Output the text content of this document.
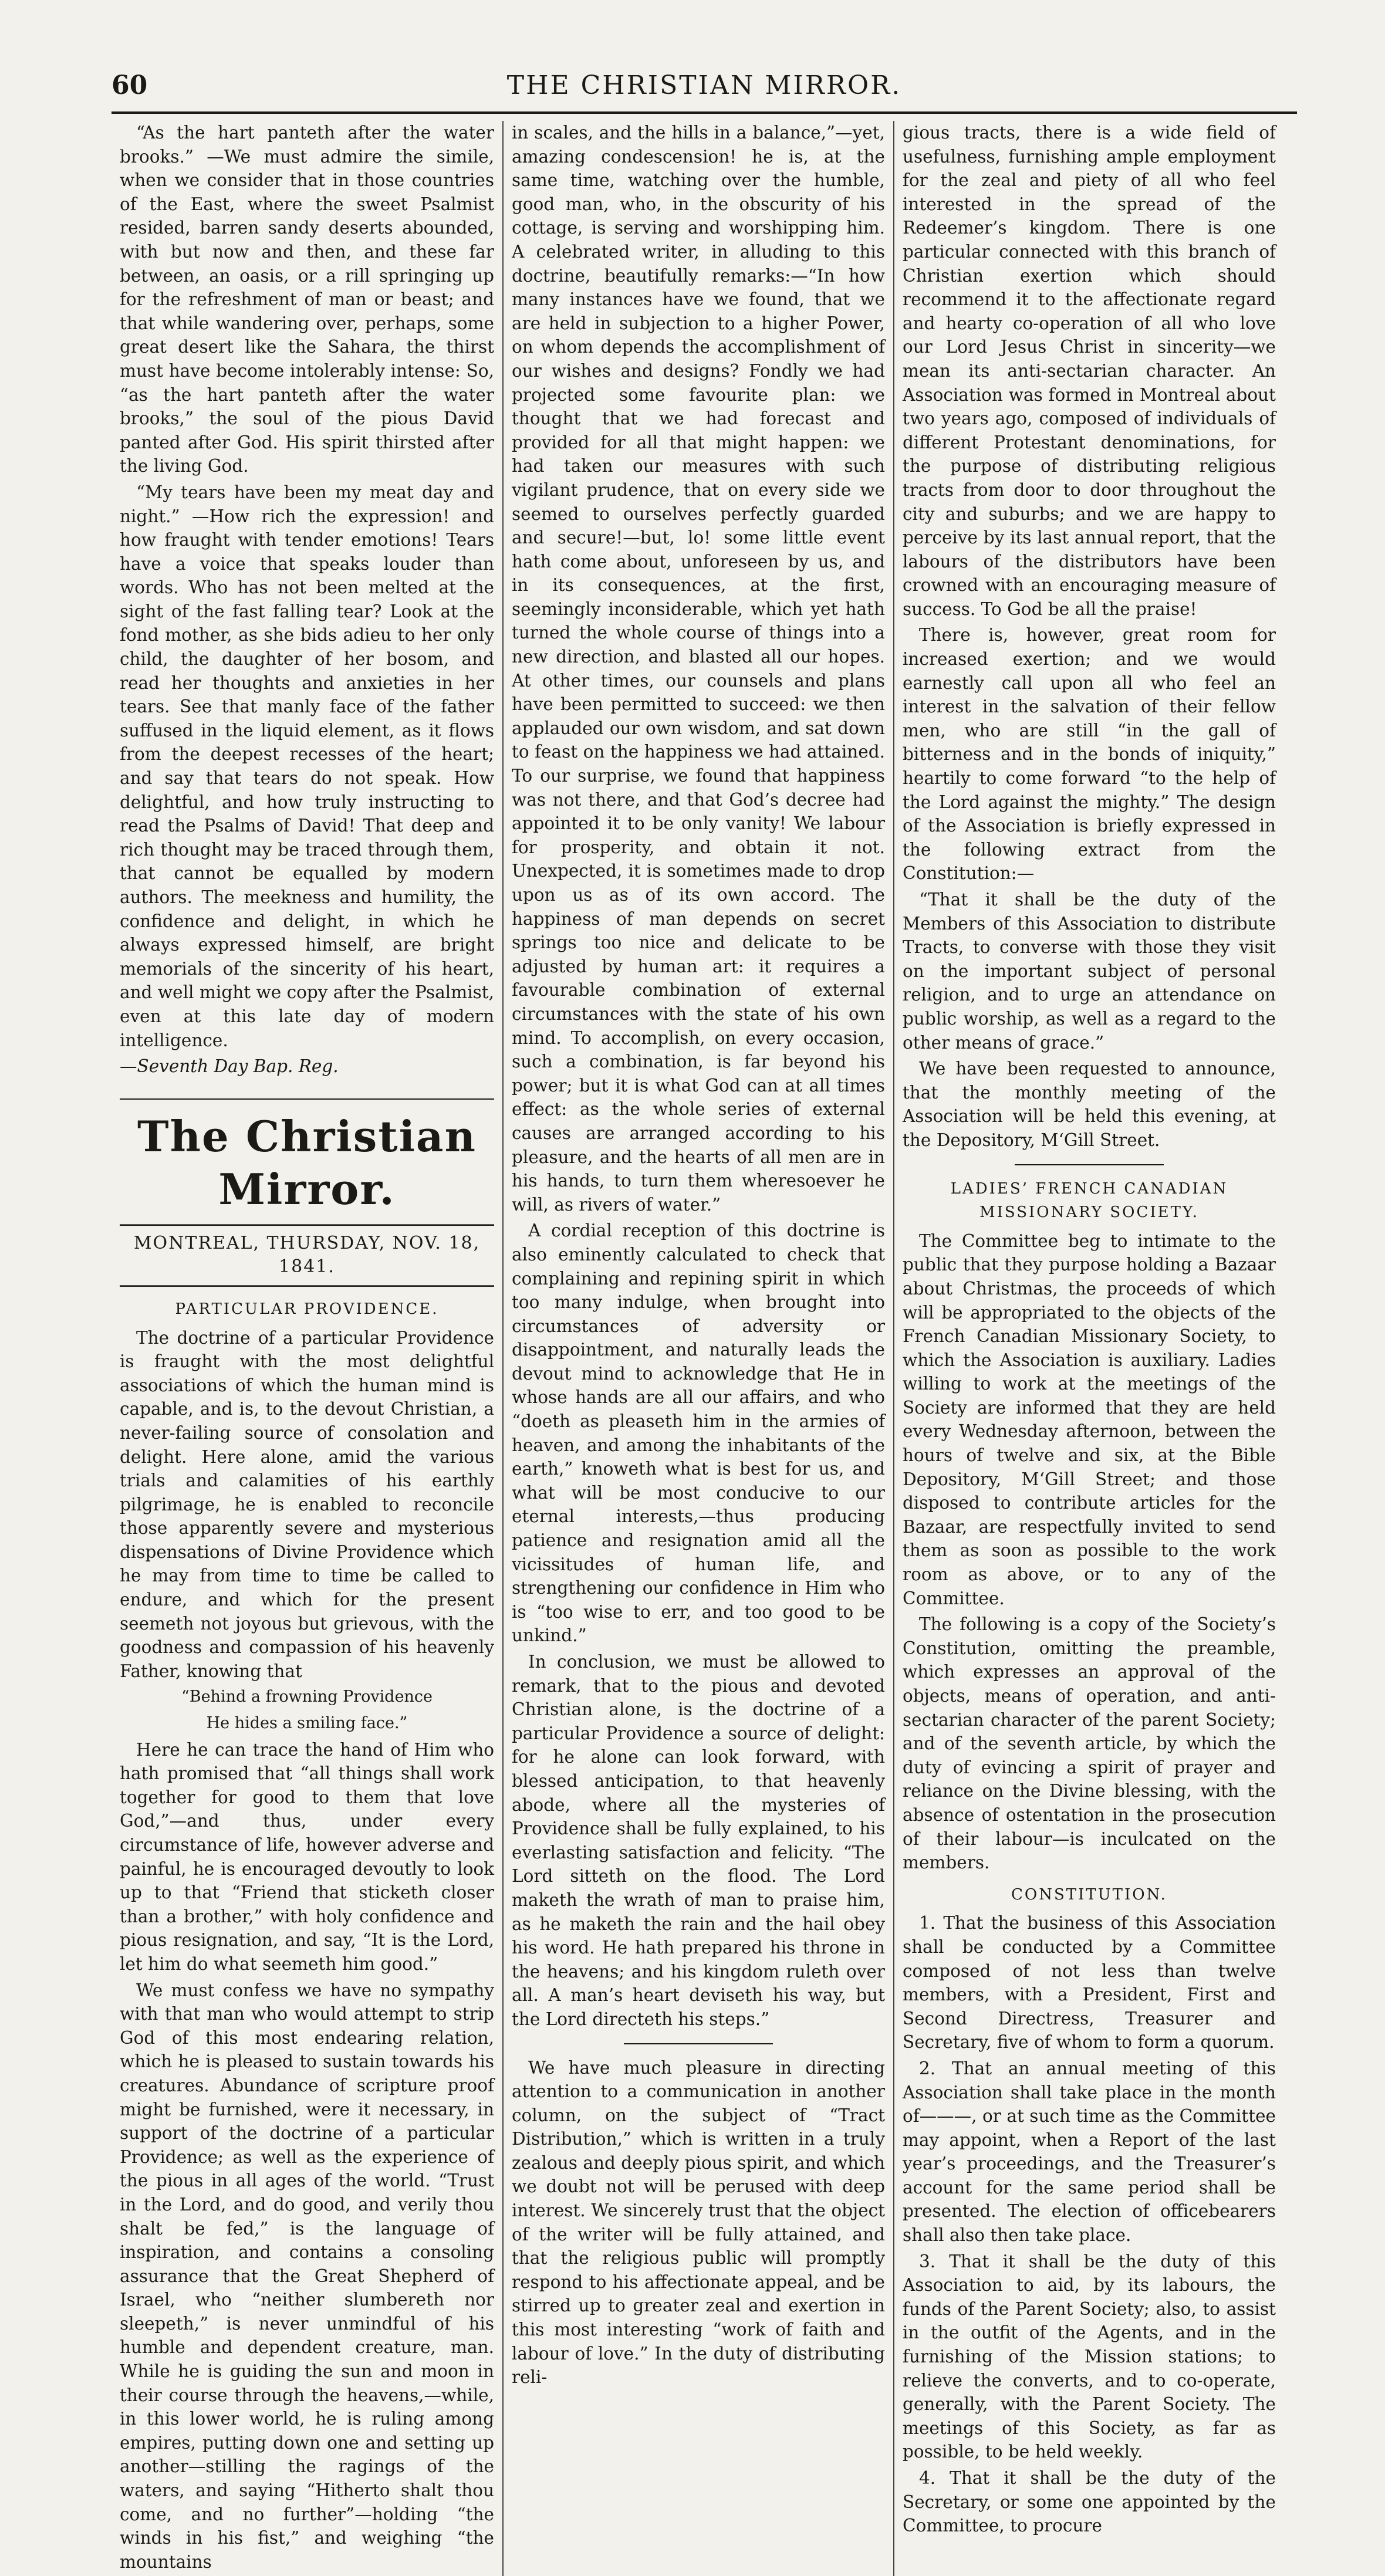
60	THE CHRISTIAN MIRROR.

“As the hart panteth after the water brooks.” —We must admire the simile, when we consider that in those countries of the East, where the sweet Psalmist resided, barren sandy deserts abounded, with but now and then, and these far between, an oasis, or a rill springing up for the refreshment of man or beast; and that while wandering over, perhaps, some great desert like the Sahara, the thirst must have become intolerably intense: So, “as the hart panteth after the water brooks,” the soul of the pious David panted after God. His spirit thirsted after the living God.

“My tears have been my meat day and night.” —How rich the expression! and how fraught with tender emotions! Tears have a voice that speaks louder than words. Who has not been melted at the sight of the fast falling tear? Look at the fond mother, as she bids adieu to her only child, the daughter of her bosom, and read her thoughts and anxieties in her tears. See that manly face of the father suffused in the liquid element, as it flows from the deepest recesses of the heart; and say that tears do not speak. How delightful, and how truly instructing to read the Psalms of David! That deep and rich thought may be traced through them, that cannot be equalled by modern authors. The meekness and humility, the confidence and delight, in which he always expressed himself, are bright memorials of the sincerity of his heart, and well might we copy after the Psalmist, even at this late day of modern intelligence.

—Seventh Day Bap. Reg.

The Christian Mirror.
MONTREAL, THURSDAY, NOV. 18, 1841.
PARTICULAR PROVIDENCE.

The doctrine of a particular Providence is fraught with the most delightful associations of which the human mind is capable, and is, to the devout Christian, a never-failing source of consolation and delight. Here alone, amid the various trials and calamities of his earthly pilgrimage, he is enabled to reconcile those apparently severe and mysterious dispensations of Divine Providence which he may from time to time be called to endure, and which for the present seemeth not joyous but grievous, with the goodness and compassion of his heavenly Father, knowing that

“Behind a frowning Providence

He hides a smiling face.”

Here he can trace the hand of Him who hath promised that “all things shall work together for good to them that love God,”—and thus, under every circumstance of life, however adverse and painful, he is encouraged devoutly to look up to that “Friend that sticketh closer than a brother,” with holy confidence and pious resignation, and say, “It is the Lord, let him do what seemeth him good.”

We must confess we have no sympathy with that man who would attempt to strip God of this most endearing relation, which he is pleased to sustain towards his creatures. Abundance of scripture proof might be furnished, were it necessary, in support of the doctrine of a particular Providence; as well as the experience of the pious in all ages of the world. “Trust in the Lord, and do good, and verily thou shalt be fed,” is the language of inspiration, and contains a consoling assurance that the Great Shepherd of Israel, who “neither slumbereth nor sleepeth,” is never unmindful of his humble and dependent creature, man. While he is guiding the sun and moon in their course through the heavens,—while, in this lower world, he is ruling among empires, putting down one and setting up another—stilling the ragings of the waters, and saying “Hitherto shalt thou come, and no further”—holding “the winds in his fist,” and weighing “the mountains

in scales, and the hills in a balance,”—yet, amazing condescension! he is, at the same time, watching over the humble, good man, who, in the obscurity of his cottage, is serving and worshipping him. A celebrated writer, in alluding to this doctrine, beautifully remarks:—“In how many instances have we found, that we are held in subjection to a higher Power, on whom depends the accomplishment of our wishes and designs? Fondly we had projected some favourite plan: we thought that we had forecast and provided for all that might happen: we had taken our measures with such vigilant prudence, that on every side we seemed to ourselves perfectly guarded and secure!—but, lo! some little event hath come about, unforeseen by us, and in its consequences, at the first, seemingly inconsiderable, which yet hath turned the whole course of things into a new direction, and blasted all our hopes. At other times, our counsels and plans have been permitted to succeed: we then applauded our own wisdom, and sat down to feast on the happiness we had attained. To our surprise, we found that happiness was not there, and that God’s decree had appointed it to be only vanity! We labour for prosperity, and obtain it not. Unexpected, it is sometimes made to drop upon us as of its own accord. The happiness of man depends on secret springs too nice and delicate to be adjusted by human art: it requires a favourable combination of external circumstances with the state of his own mind. To accomplish, on every occasion, such a combination, is far beyond his power; but it is what God can at all times effect: as the whole series of external causes are arranged according to his pleasure, and the hearts of all men are in his hands, to turn them wheresoever he will, as rivers of water.”

A cordial reception of this doctrine is also eminently calculated to check that complaining and repining spirit in which too many indulge, when brought into circumstances of adversity or disappointment, and naturally leads the devout mind to acknowledge that He in whose hands are all our affairs, and who “doeth as pleaseth him in the armies of heaven, and among the inhabitants of the earth,” knoweth what is best for us, and what will be most conducive to our eternal interests,—thus producing patience and resignation amid all the vicissitudes of human life, and strengthening our confidence in Him who is “too wise to err, and too good to be unkind.”

In conclusion, we must be allowed to remark, that to the pious and devoted Christian alone, is the doctrine of a particular Providence a source of delight: for he alone can look forward, with blessed anticipation, to that heavenly abode, where all the mysteries of Providence shall be fully explained, to his everlasting satisfaction and felicity. “The Lord sitteth on the flood. The Lord maketh the wrath of man to praise him, as he maketh the rain and the hail obey his word. He hath prepared his throne in the heavens; and his kingdom ruleth over all. A man’s heart deviseth his way, but the Lord directeth his steps.”

We have much pleasure in directing attention to a communication in another column, on the subject of “Tract Distribution,” which is written in a truly zealous and deeply pious spirit, and which we doubt not will be perused with deep interest. We sincerely trust that the object of the writer will be fully attained, and that the religious public will promptly respond to his affectionate appeal, and be stirred up to greater zeal and exertion in this most interesting “work of faith and labour of love.” In the duty of distributing reli-

gious tracts, there is a wide field of usefulness, furnishing ample employment for the zeal and piety of all who feel interested in the spread of the Redeemer’s kingdom. There is one particular connected with this branch of Christian exertion which should recommend it to the affectionate regard and hearty co-operation of all who love our Lord Jesus Christ in sincerity—we mean its anti-sectarian character. An Association was formed in Montreal about two years ago, composed of individuals of different Protestant denominations, for the purpose of distributing religious tracts from door to door throughout the city and suburbs; and we are happy to perceive by its last annual report, that the labours of the distributors have been crowned with an encouraging measure of success. To God be all the praise!

There is, however, great room for increased exertion; and we would earnestly call upon all who feel an interest in the salvation of their fellow men, who are still “in the gall of bitterness and in the bonds of iniquity,” heartily to come forward “to the help of the Lord against the mighty.” The design of the Association is briefly expressed in the following extract from the Constitution:—

“That it shall be the duty of the Members of this Association to distribute Tracts, to converse with those they visit on the important subject of personal religion, and to urge an attendance on public worship, as well as a regard to the other means of grace.”

We have been requested to announce, that the monthly meeting of the Association will be held this evening, at the Depository, M‘Gill Street.

LADIES’ FRENCH CANADIAN MISSIONARY SOCIETY.

The Committee beg to intimate to the public that they purpose holding a Bazaar about Christmas, the proceeds of which will be appropriated to the objects of the French Canadian Missionary Society, to which the Association is auxiliary. Ladies willing to work at the meetings of the Society are informed that they are held every Wednesday afternoon, between the hours of twelve and six, at the Bible Depository, M‘Gill Street; and those disposed to contribute articles for the Bazaar, are respectfully invited to send them as soon as possible to the work room as above, or to any of the Committee.

The following is a copy of the Society’s Constitution, omitting the preamble, which expresses an approval of the objects, means of operation, and anti-sectarian character of the parent Society; and of the seventh article, by which the duty of evincing a spirit of prayer and reliance on the Divine blessing, with the absence of ostentation in the prosecution of their labour—is inculcated on the members.

CONSTITUTION.

1. That the business of this Association shall be conducted by a Committee composed of not less than twelve members, with a President, First and Second Directress, Treasurer and Secretary, five of whom to form a quorum.

2. That an annual meeting of this Association shall take place in the month of———, or at such time as the Committee may appoint, when a Report of the last year’s proceedings, and the Treasurer’s account for the same period shall be presented. The election of officebearers shall also then take place.

3. That it shall be the duty of this Association to aid, by its labours, the funds of the Parent Society; also, to assist in the outfit of the Agents, and in the furnishing of the Mission stations; to relieve the converts, and to co-operate, generally, with the Parent Society. The meetings of this Society, as far as possible, to be held weekly.

4. That it shall be the duty of the Secretary, or some one appointed by the Committee, to procure
